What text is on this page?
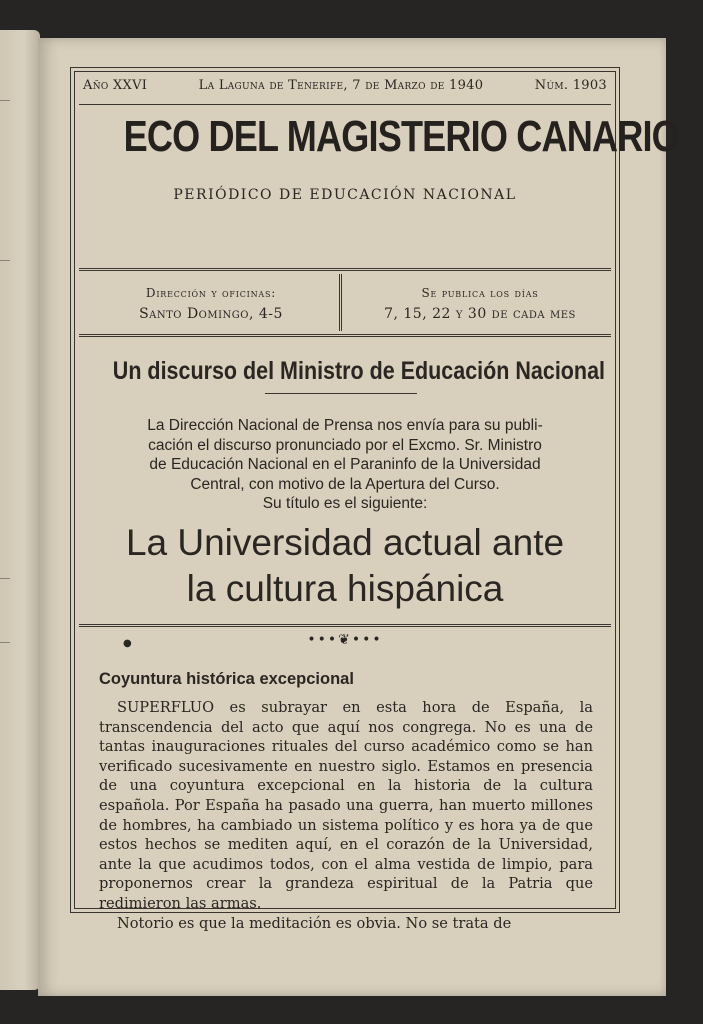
Año XXVI	La Laguna de Tenerife, 7 de Marzo de 1940	Núm. 1903
ECO DEL MAGISTERIO CANARIO
PERIÓDICO DE EDUCACIÓN NACIONAL
Dirección y oficinas:
Santo Domingo, 4-5
Se publica los días
7, 15, 22 y 30 de cada mes
Un discurso del Ministro de Educación Nacional
La Dirección Nacional de Prensa nos envía para su publi-
cación el discurso pronunciado por el Excmo. Sr. Ministro
de Educación Nacional en el Paraninfo de la Universidad
Central, con motivo de la Apertura del Curso.
Su título es el siguiente:
La Universidad actual ante
la cultura hispánica
●	•••❦•••
Coyuntura histórica excepcional

SUPERFLUO es subrayar en esta hora de España, la transcendencia del acto que aquí nos congrega. No es una de tantas inauguraciones rituales del curso académico como se han verificado sucesivamente en nuestro siglo. Estamos en presencia de una coyuntura excepcional en la historia de la cultura española. Por España ha pasado una guerra, han muerto millones de hombres, ha cambiado un sistema político y es hora ya de que estos hechos se mediten aquí, en el corazón de la Universidad, ante la que acudimos todos, con el alma vestida de limpio, para proponernos crear la grandeza espiritual de la Patria que redimieron las armas.

Notorio es que la meditación es obvia. No se trata de
